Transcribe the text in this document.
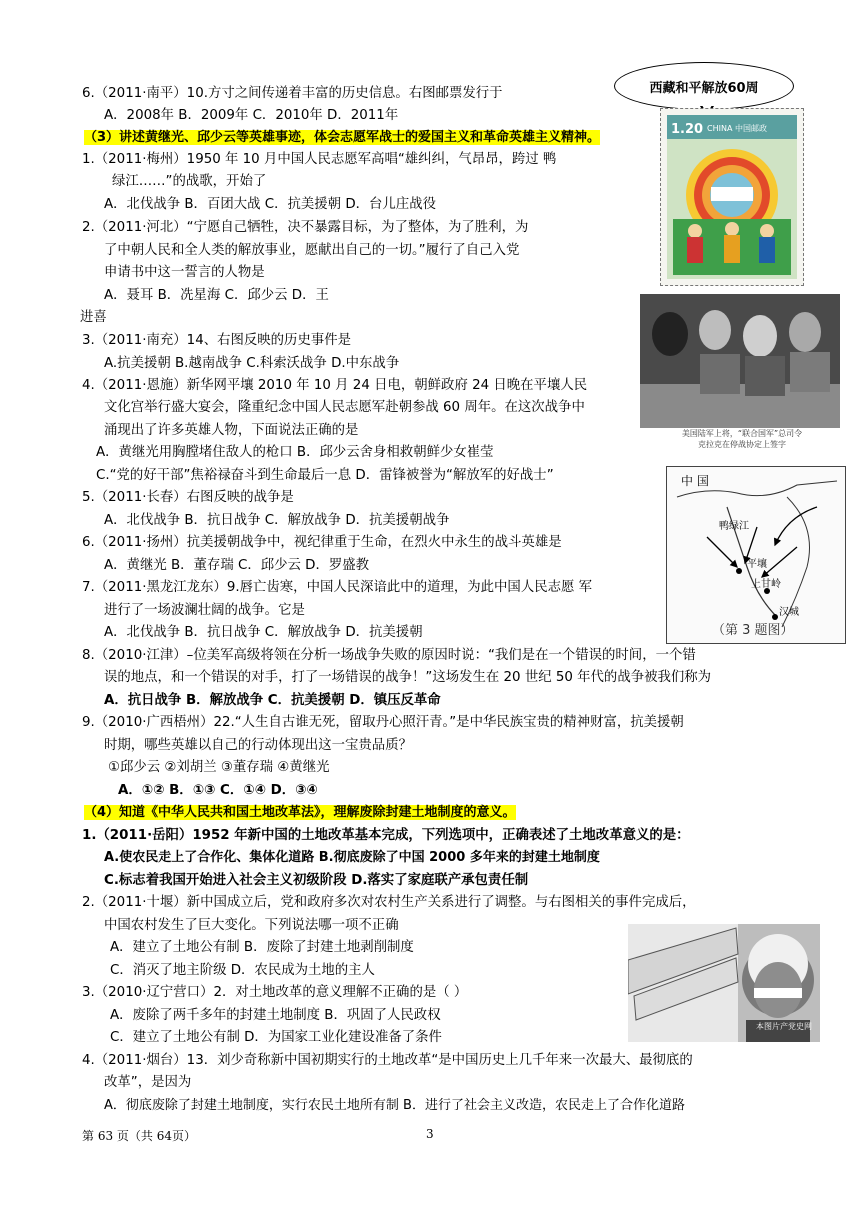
6.（2011·南平）10.方寸之间传递着丰富的历史信息。右图邮票发行于
A．2008年 B．2009年 C．2010年 D．2011年
（3）讲述黄继光、邱少云等英雄事迹，体会志愿军战士的爱国主义和革命英雄主义精神。
1.（2011·梅州）1950 年 10 月中国人民志愿军高唱“雄纠纠，气昂昂，跨过 鸭
绿江……”的战歌，开始了
A．北伐战争 B．百团大战 C．抗美援朝 D．台儿庄战役
2.（2011·河北）“宁愿自己牺牲，决不暴露目标，为了整体，为了胜利，为
了中朝人民和全人类的解放事业，愿献出自己的一切。”履行了自己入党
申请书中这一誓言的人物是
A．聂耳 B．冼星海 C．邱少云 D．王
进喜
3.（2011·南充）14、右图反映的历史事件是
A.抗美援朝 B.越南战争 C.科索沃战争 D.中东战争
4.（2011·恩施）新华网平壤 2010 年 10 月 24 日电，朝鲜政府 24 日晚在平壤人民
文化宫举行盛大宴会，隆重纪念中国人民志愿军赴朝参战 60 周年。在这次战争中
涌现出了许多英雄人物，下面说法正确的是
A．黄继光用胸膛堵住敌人的枪口 B．邱少云舍身相救朝鲜少女崔莹
C.“党的好干部”焦裕禄奋斗到生命最后一息 D．雷锋被誉为“解放军的好战士”
5.（2011·长春）右图反映的战争是
A．北伐战争 B．抗日战争 C．解放战争 D．抗美援朝战争
6.（2011·扬州）抗美援朝战争中，视纪律重于生命，在烈火中永生的战斗英雄是
A．黄继光 B．董存瑞 C．邱少云 D．罗盛教
7.（2011·黑龙江龙东）9.唇亡齿寒，中国人民深谙此中的道理，为此中国人民志愿 军
进行了一场波澜壮阔的战争。它是
A．北伐战争 B．抗日战争 C．解放战争 D．抗美援朝
8.（2010·江津）–位美军高级将领在分析一场战争失败的原因时说：“我们是在一个错误的时间，一个错
误的地点，和一个错误的对手，打了一场错误的战争！”这场发生在 20 世纪 50 年代的战争被我们称为
A．抗日战争 B．解放战争 C．抗美援朝 D．镇压反革命
9.（2010·广西梧州）22.“人生自古谁无死，留取丹心照汗青。”是中华民族宝贵的精神财富，抗美援朝
时期，哪些英雄以自己的行动体现出这一宝贵品质？
①邱少云 ②刘胡兰 ③董存瑞 ④黄继光
A．①② B．①③ C．①④ D．③④
（4）知道《中华人民共和国土地改革法》，理解废除封建土地制度的意义。
1.（2011·岳阳）1952 年新中国的土地改革基本完成，下列选项中，正确表述了土地改革意义的是：
A.使农民走上了合作化、集体化道路 B.彻底废除了中国 2000 多年来的封建土地制度
C.标志着我国开始进入社会主义初级阶段 D.落实了家庭联产承包责任制
2.（2011·十堰）新中国成立后，党和政府多次对农村生产关系进行了调整。与右图相关的事件完成后，
中国农村发生了巨大变化。下列说法哪一项不正确
A．建立了土地公有制 B．废除了封建土地剥削制度
C．消灭了地主阶级 D．农民成为土地的主人
3.（2010·辽宁营口）2．对土地改革的意义理解不正确的是（ ）
A．废除了两千多年的封建土地制度 B．巩固了人民政权
C．建立了土地公有制 D．为国家工业化建设准备了条件
4.（2011·烟台）13．刘少奇称新中国初期实行的土地改革“是中国历史上几千年来一次最大、最彻底的
改革”，是因为
A．彻底废除了封建土地制度，实行农民土地所有制 B．进行了社会主义改造，农民走上了合作化道路
西藏和平解放60周
1.20 CHINA 中国邮政
美国陆军上将，“联合国军”总司令
克拉克在停战协定上签字
中 国
鸭绿江
平壤
上甘岭
汉城
（第 3 题图）
本图片产党史网
第 63 页（共 64页）	3
